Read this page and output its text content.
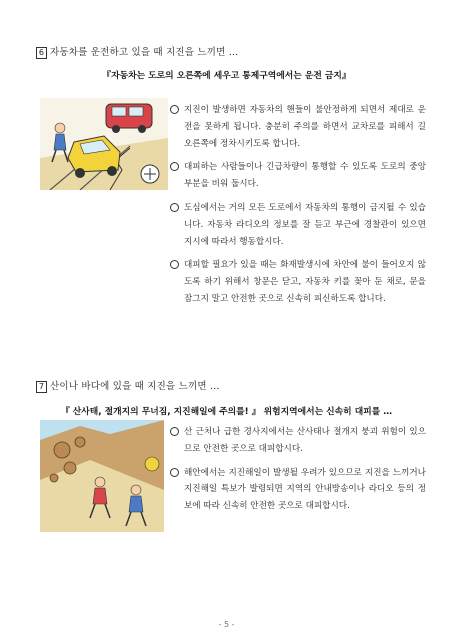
6 자동차를 운전하고 있을 때 지진을 느끼면 …
『자동차는 도로의 오른쪽에 세우고 통제구역에서는 운전 금지』
지진이 발생하면 자동차의 핸들이 불안정하게 되면서 제대로 운전을 못하게 됩니다. 충분히 주의를 하면서 교차로를 피해서 길 오른쪽에 정차시키도록 합니다.
대피하는 사람들이나 긴급차량이 통행할 수 있도록 도로의 중앙부분을 비워 둡시다.
도심에서는 거의 모든 도로에서 자동차의 통행이 금지될 수 있습니다. 자동차 라디오의 정보를 잘 듣고 부근에 경찰관이 있으면 지시에 따라서 행동합시다.
대피할 필요가 있을 때는 화재발생시에 차안에 불이 들어오지 않도록 하기 위해서 창문은 닫고, 자동차 키를 꽂아 둔 채로, 문을 잠그지 말고 안전한 곳으로 신속히 피신하도록 합니다.
7 산이나 바다에 있을 때 지진을 느끼면 …
『 산사태, 절개지의 무너짐, 지진해일에 주의를! 』 위험지역에서는 신속히 대피를 …
산 근처나 급한 경사지에서는 산사태나 절개지 붕괴 위험이 있으므로 안전한 곳으로 대피합시다.
해안에서는 지진해일이 발생될 우려가 있으므로 지진을 느끼거나 지진해일 특보가 발령되면 지역의 안내방송이나 라디오 등의 정보에 따라 신속히 안전한 곳으로 대피합시다.
- 5 -
